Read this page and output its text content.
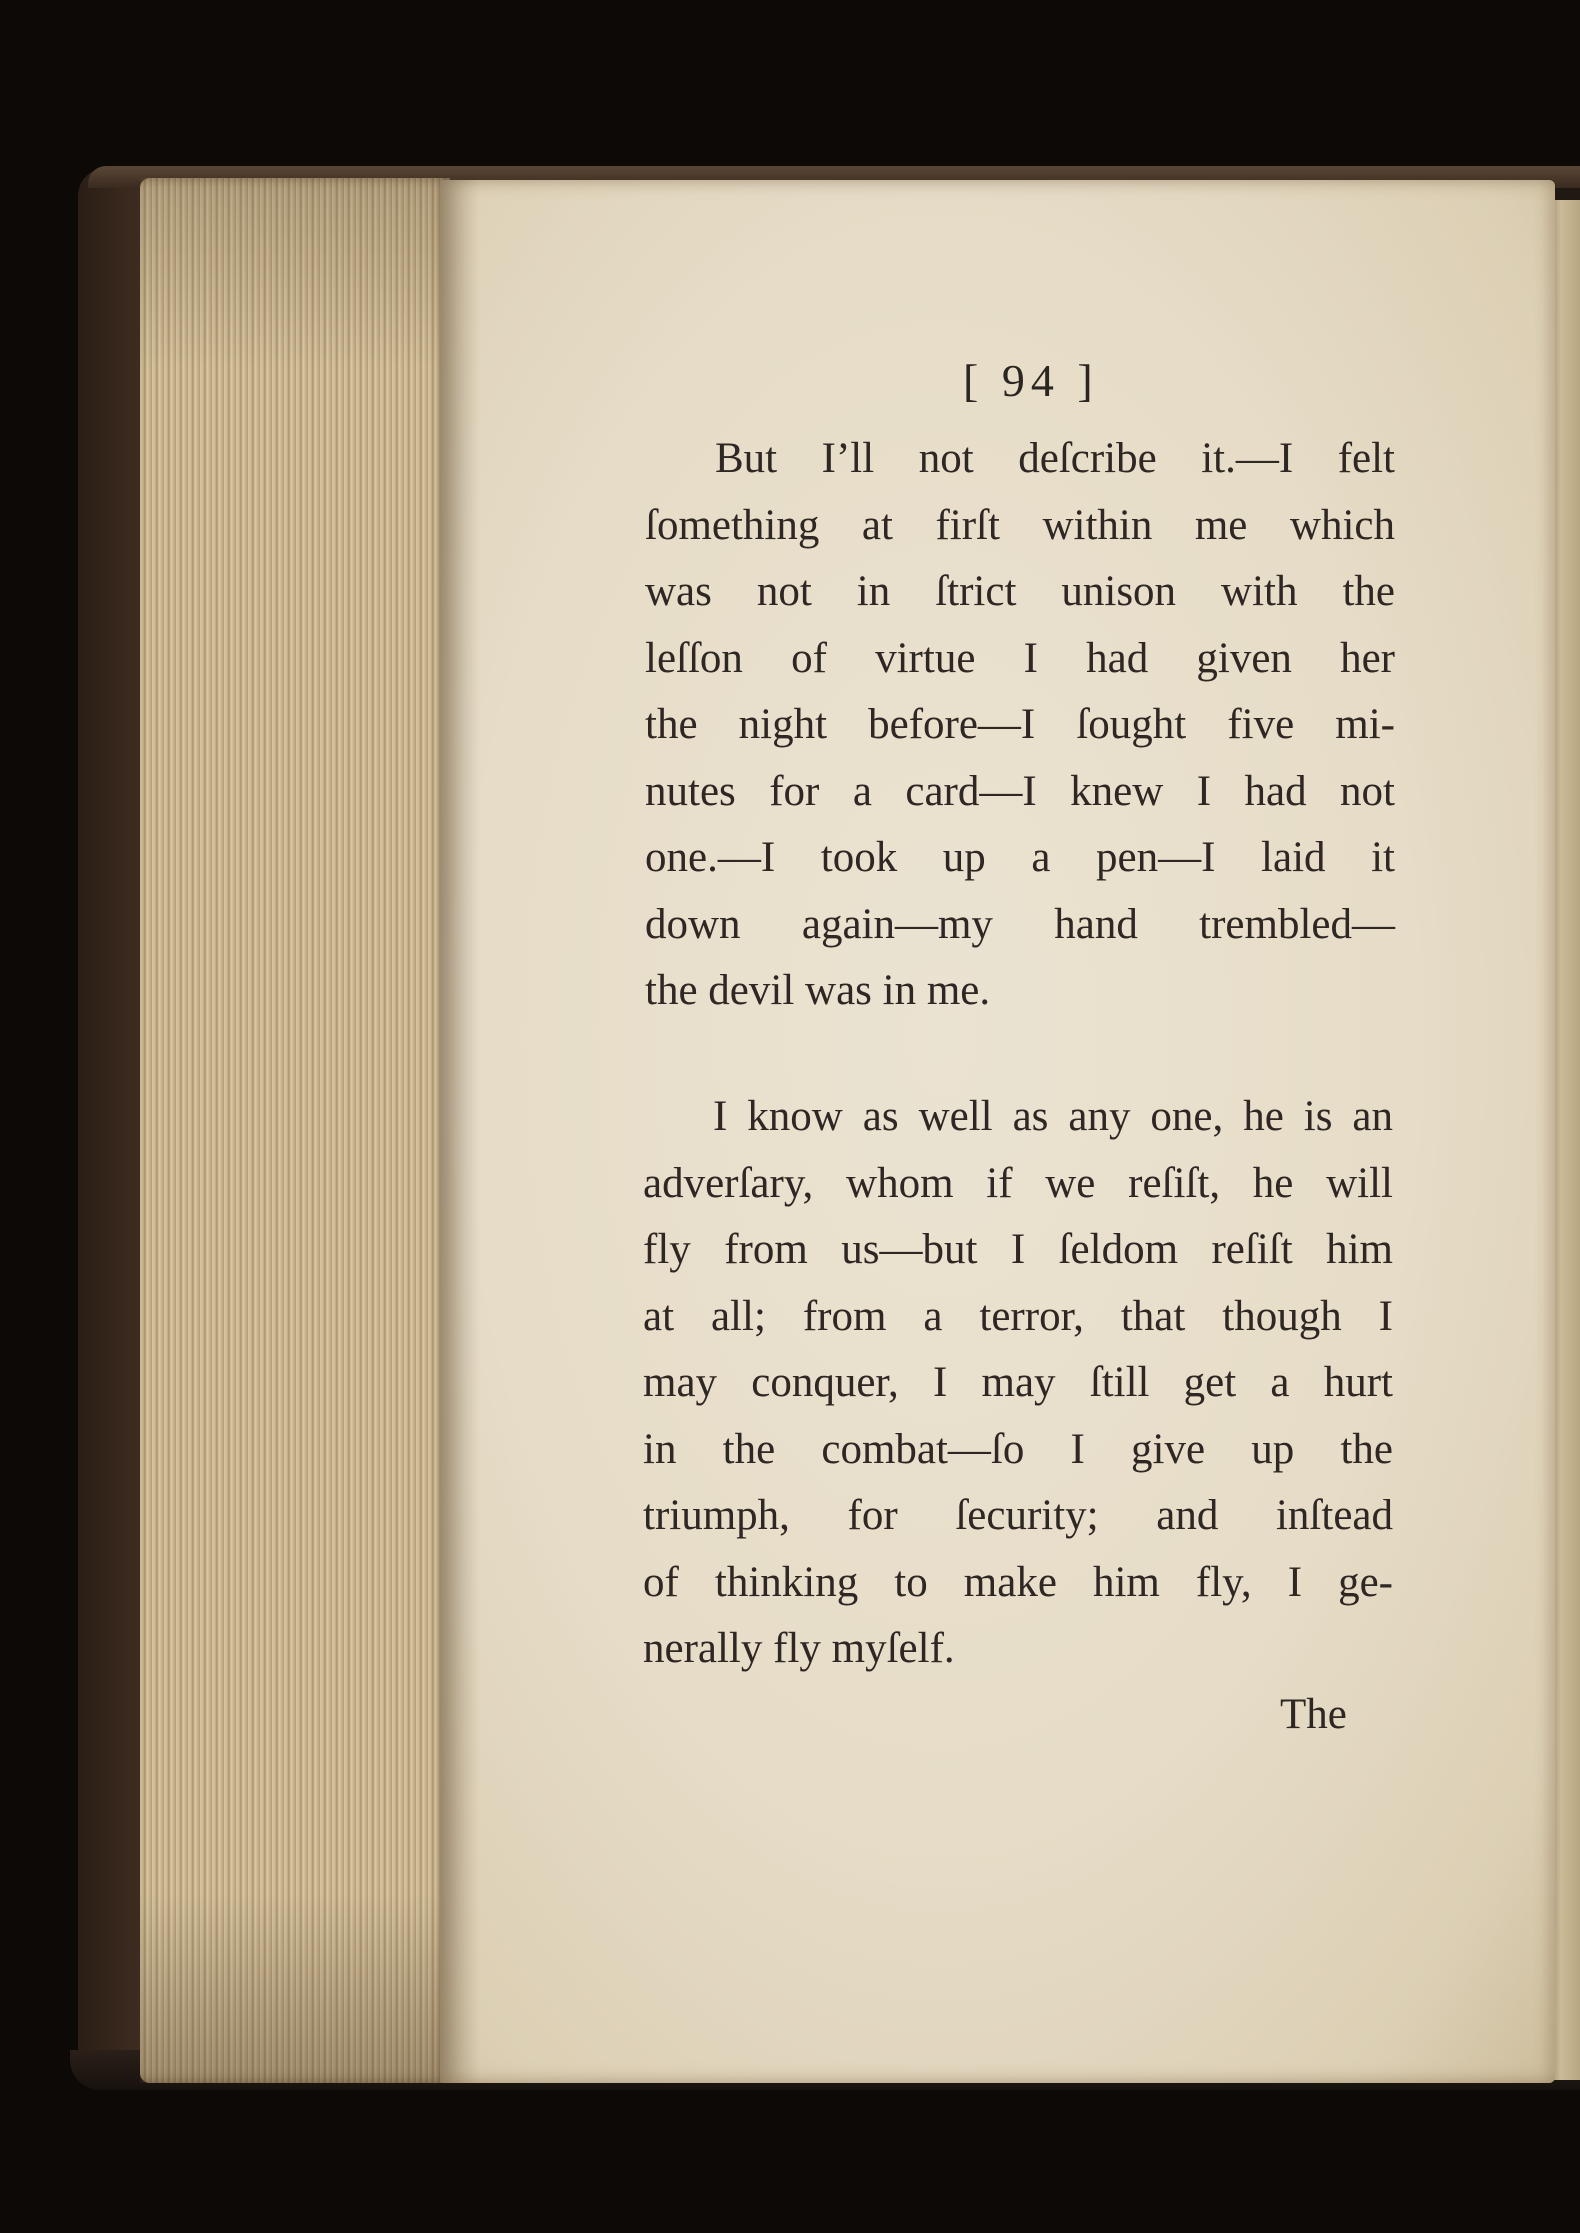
[ 94 ]
But I’ll not deſcribe it.—I felt
ſomething at firſt within me which
was not in ſtrict unison with the
leſſon of virtue I had given her
the night before—I ſought five mi-
nutes for a card—I knew I had not
one.—I took up a pen—I laid it
down again—my hand trembled—
the devil was in me.
I know as well as any one, he is an
adverſary, whom if we reſiſt, he will
fly from us—but I ſeldom reſiſt him
at all; from a terror, that though I
may conquer, I may ſtill get a hurt
in the combat—ſo I give up the
triumph, for ſecurity; and inſtead
of thinking to make him fly, I ge-
nerally fly myſelf.
The
